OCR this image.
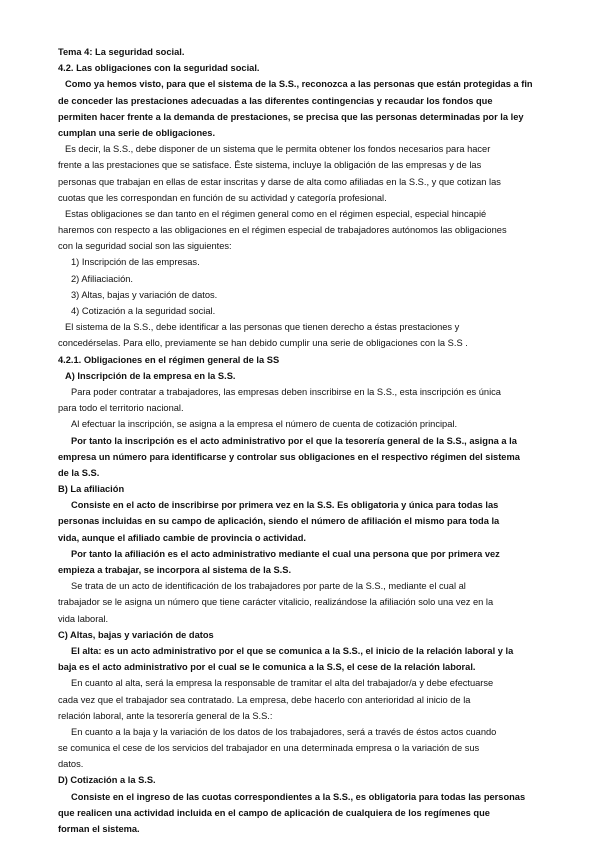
Tema 4: La seguridad social.
4.2. Las obligaciones con la seguridad social.
Como ya hemos visto, para que el sistema de la S.S., reconozca a las personas que están protegidas a fin
de conceder las prestaciones adecuadas a las diferentes contingencias y recaudar los fondos que
permiten hacer frente a la demanda de prestaciones, se precisa que las personas determinadas por la ley
cumplan una serie de obligaciones.
Es decir, la S.S., debe disponer de un sistema que le permita obtener los fondos necesarios para hacer
frente a las prestaciones que se satisface. Éste sistema, incluye la obligación de las empresas y de las
personas que trabajan en ellas de estar inscritas y darse de alta como afiliadas en la S.S., y que cotizan las
cuotas que les correspondan en función de su actividad y categoría profesional.
Estas obligaciones se dan tanto en el régimen general como en el régimen especial, especial hincapié
haremos con respecto a las obligaciones en el régimen especial de trabajadores autónomos las obligaciones
con la seguridad social son las siguientes:
1) Inscripción de las empresas.
2) Afiliaciación.
3) Altas, bajas y variación de datos.
4) Cotización a la seguridad social.
El sistema de la S.S., debe identificar a las personas que tienen derecho a éstas prestaciones y
concedérselas. Para ello, previamente se han debido cumplir una serie de obligaciones con la S.S .
4.2.1. Obligaciones en el régimen general de la SS
A) Inscripción de la empresa en la S.S.
Para poder contratar a trabajadores, las empresas deben inscribirse en la S.S., esta inscripción es única
para todo el territorio nacional.
Al efectuar la inscripción, se asigna a la empresa el número de cuenta de cotización principal.
Por tanto la inscripción es el acto administrativo por el que la tesorería general de la S.S., asigna a la
empresa un número para identificarse y controlar sus obligaciones en el respectivo régimen del sistema
de la S.S.
B) La afiliación
Consiste en el acto de inscribirse por primera vez en la S.S. Es obligatoria y única para todas las
personas incluidas en su campo de aplicación, siendo el número de afiliación el mismo para toda la
vida, aunque el afiliado cambie de provincia o actividad.
Por tanto la afiliación es el acto administrativo mediante el cual una persona que por primera vez
empieza a trabajar, se incorpora al sistema de la S.S.
Se trata de un acto de identificación de los trabajadores por parte de la S.S., mediante el cual al
trabajador se le asigna un número que tiene carácter vitalicio, realizándose la afiliación solo una vez en la
vida laboral.
C) Altas, bajas y variación de datos
El alta: es un acto administrativo por el que se comunica a la S.S., el inicio de la relación laboral y la
baja es el acto administrativo por el cual se le comunica a la S.S, el cese de la relación laboral.
En cuanto al alta, será la empresa la responsable de tramitar el alta del trabajador/a y debe efectuarse
cada vez que el trabajador sea contratado. La empresa, debe hacerlo con anterioridad al inicio de la
relación laboral, ante la tesorería general de la S.S.:
En cuanto a la baja y la variación de los datos de los trabajadores, será a través de éstos actos cuando
se comunica el cese de los servicios del trabajador en una determinada empresa o la variación de sus
datos.
D) Cotización a la S.S.
Consiste en el ingreso de las cuotas correspondientes a la S.S., es obligatoria para todas las personas
que realicen una actividad incluida en el campo de aplicación de cualquiera de los regímenes que
forman el sistema.
